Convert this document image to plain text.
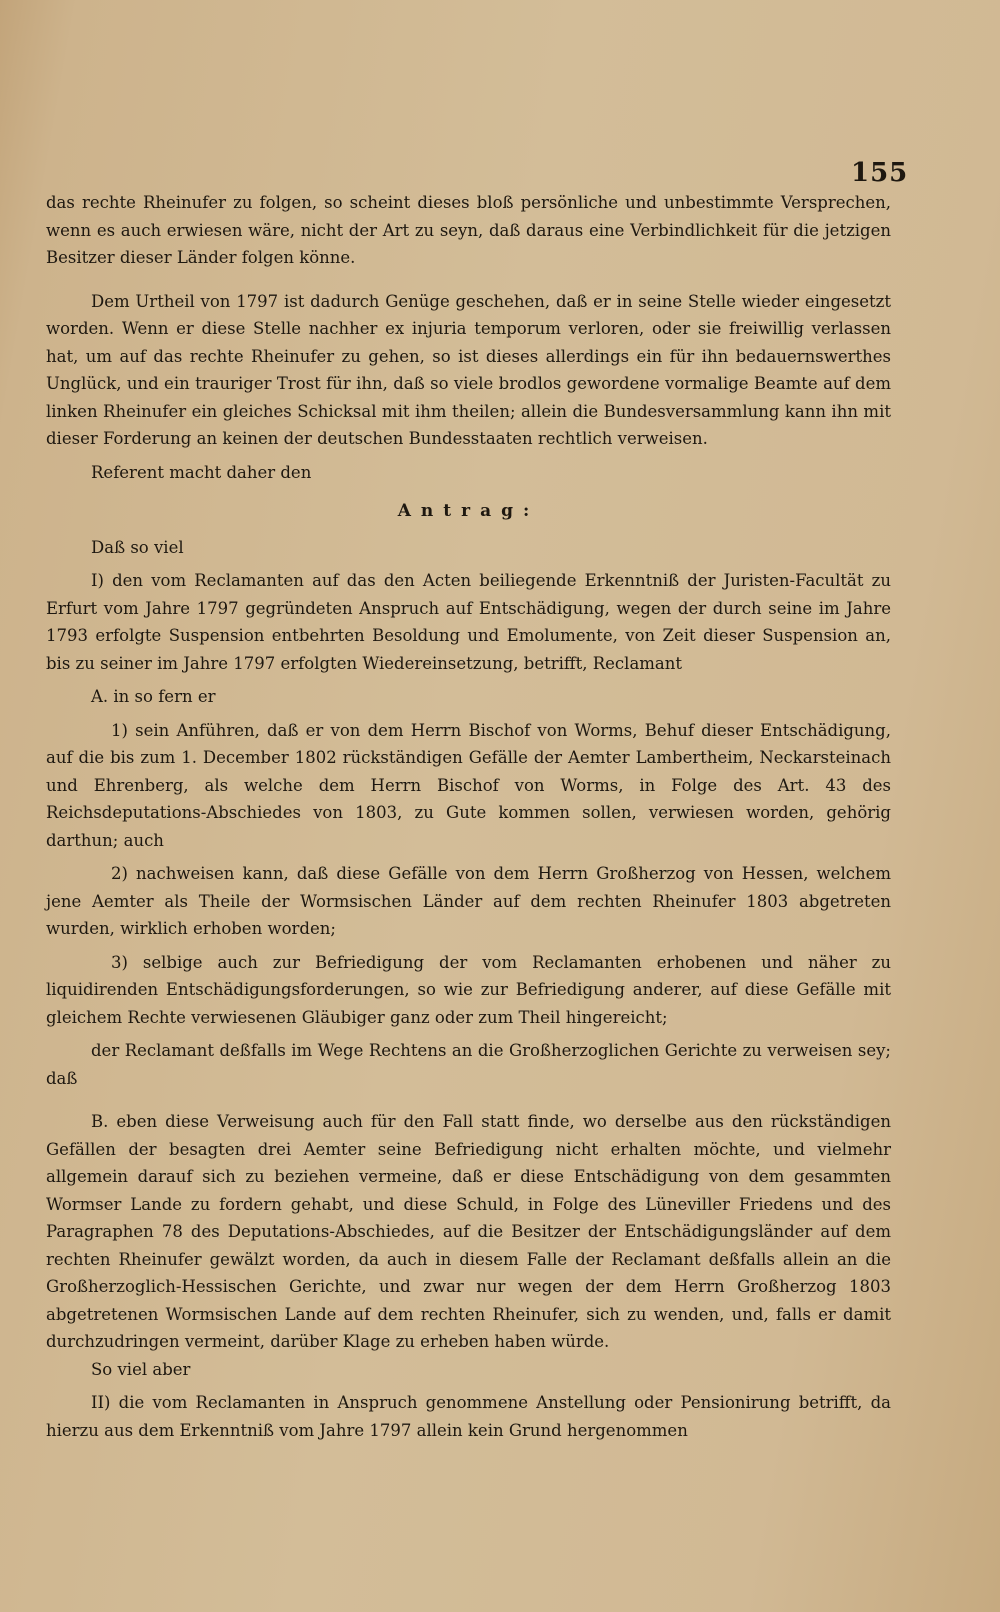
155

das rechte Rheinufer zu folgen, so scheint dieses bloß persönliche und unbestimmte Versprechen, wenn es auch erwiesen wäre, nicht der Art zu seyn, daß daraus eine Verbindlichkeit für die jetzigen Besitzer dieser Länder folgen könne.

Dem Urtheil von 1797 ist dadurch Genüge geschehen, daß er in seine Stelle wieder eingesetzt worden. Wenn er diese Stelle nachher ex injuria temporum verloren, oder sie freiwillig verlassen hat, um auf das rechte Rheinufer zu gehen, so ist dieses allerdings ein für ihn bedauernswerthes Unglück, und ein trauriger Trost für ihn, daß so viele brodlos gewordene vormalige Beamte auf dem linken Rheinufer ein gleiches Schicksal mit ihm theilen; allein die Bundesversammlung kann ihn mit dieser Forderung an keinen der deutschen Bundesstaaten rechtlich verweisen.

Referent macht daher den

Antrag:

Daß so viel

I) den vom Reclamanten auf das den Acten beiliegende Erkenntniß der Juristen-Facultät zu Erfurt vom Jahre 1797 gegründeten Anspruch auf Entschädigung, wegen der durch seine im Jahre 1793 erfolgte Suspension entbehrten Besoldung und Emolumente, von Zeit dieser Suspension an, bis zu seiner im Jahre 1797 erfolgten Wiedereinsetzung, betrifft, Reclamant

A. in so fern er

1) sein Anführen, daß er von dem Herrn Bischof von Worms, Behuf dieser Entschädigung, auf die bis zum 1. December 1802 rückständigen Gefälle der Aemter Lambertheim, Neckarsteinach und Ehrenberg, als welche dem Herrn Bischof von Worms, in Folge des Art. 43 des Reichsdeputations-Abschiedes von 1803, zu Gute kommen sollen, verwiesen worden, gehörig darthun; auch

2) nachweisen kann, daß diese Gefälle von dem Herrn Großherzog von Hessen, welchem jene Aemter als Theile der Wormsischen Länder auf dem rechten Rheinufer 1803 abgetreten wurden, wirklich erhoben worden;

3) selbige auch zur Befriedigung der vom Reclamanten erhobenen und näher zu liquidirenden Entschädigungsforderungen, so wie zur Befriedigung anderer, auf diese Gefälle mit gleichem Rechte verwiesenen Gläubiger ganz oder zum Theil hingereicht;

der Reclamant deßfalls im Wege Rechtens an die Großherzoglichen Gerichte zu verweisen sey; daß

B. eben diese Verweisung auch für den Fall statt finde, wo derselbe aus den rückständigen Gefällen der besagten drei Aemter seine Befriedigung nicht erhalten möchte, und vielmehr allgemein darauf sich zu beziehen vermeine, daß er diese Entschädigung von dem gesammten Wormser Lande zu fordern gehabt, und diese Schuld, in Folge des Lüneviller Friedens und des Paragraphen 78 des Deputations-Abschiedes, auf die Besitzer der Entschädigungsländer auf dem rechten Rheinufer gewälzt worden, da auch in diesem Falle der Reclamant deßfalls allein an die Großherzoglich-Hessischen Gerichte, und zwar nur wegen der dem Herrn Großherzog 1803 abgetretenen Wormsischen Lande auf dem rechten Rheinufer, sich zu wenden, und, falls er damit durchzudringen vermeint, darüber Klage zu erheben haben würde.

So viel aber

II) die vom Reclamanten in Anspruch genommene Anstellung oder Pensionirung betrifft, da hierzu aus dem Erkenntniß vom Jahre 1797 allein kein Grund hergenommen
